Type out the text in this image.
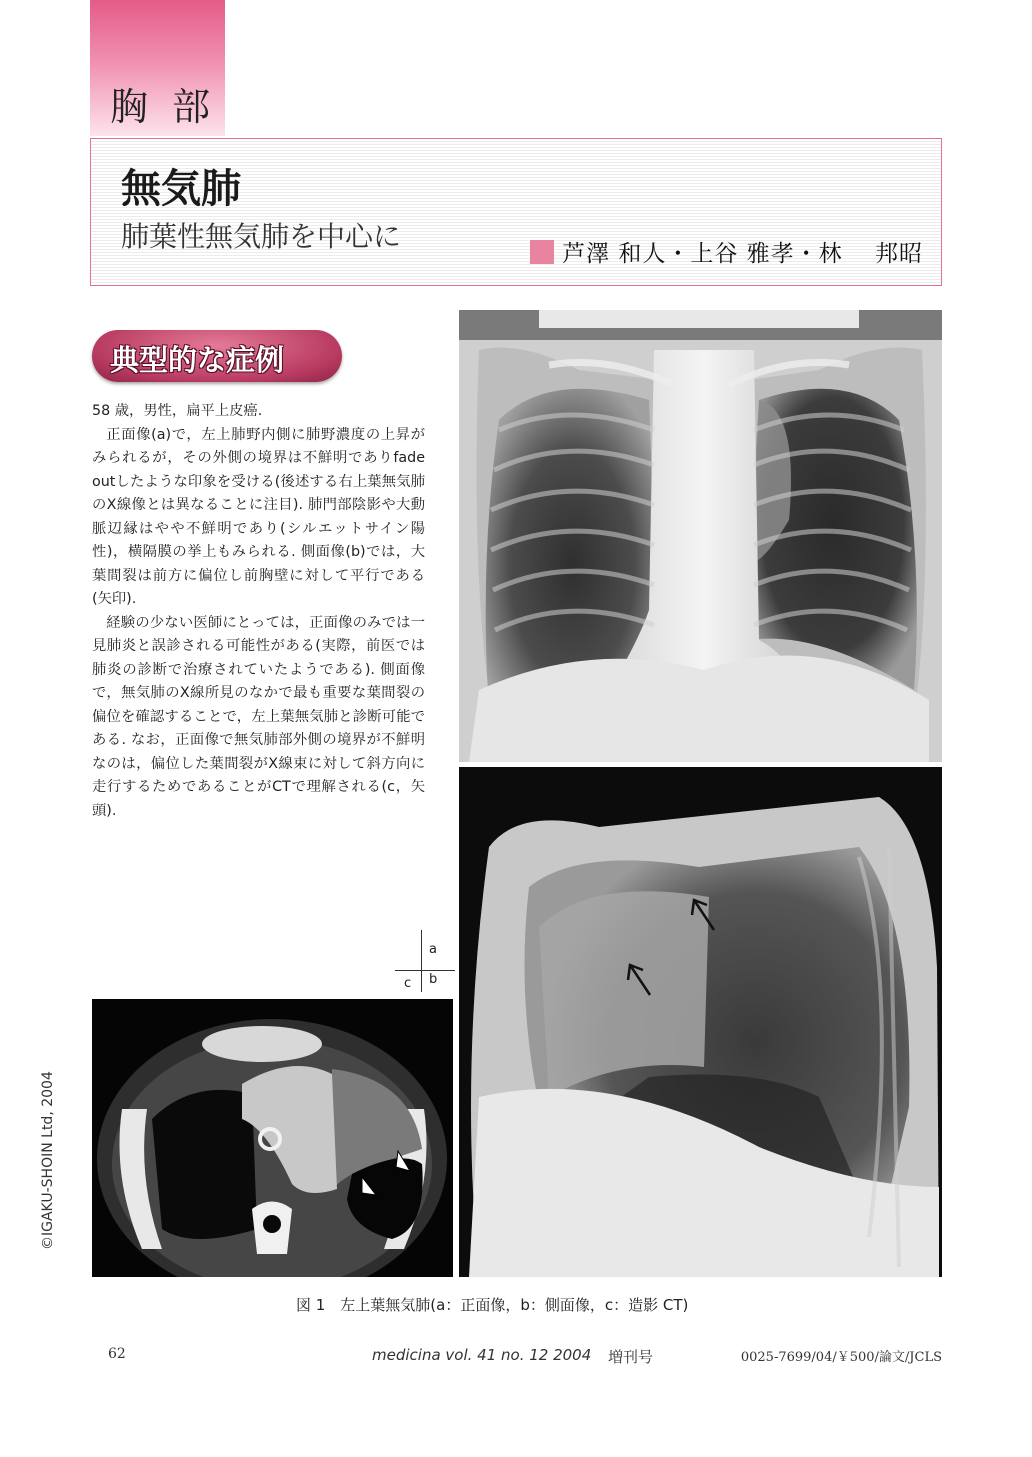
胸 部
無気肺
肺葉性無気肺を中心に
芦澤 和人・上谷 雅孝・林　 邦昭
典型的な症例

58 歳，男性，扁平上皮癌.

正面像(a)で，左上肺野内側に肺野濃度の上昇がみられるが，その外側の境界は不鮮明でありfade outしたような印象を受ける(後述する右上葉無気肺のX線像とは異なることに注目). 肺門部陰影や大動脈辺縁はやや不鮮明であり(シルエットサイン陽性)，横隔膜の挙上もみられる. 側面像(b)では，大葉間裂は前方に偏位し前胸壁に対して平行である(矢印).

経験の少ない医師にとっては，正面像のみでは一見肺炎と誤診される可能性がある(実際，前医では肺炎の診断で治療されていたようである). 側面像で，無気肺のX線所見のなかで最も重要な葉間裂の偏位を確認することで，左上葉無気肺と診断可能である. なお，正面像で無気肺部外側の境界が不鮮明なのは，偏位した葉間裂がX線束に対して斜方向に走行するためであることがCTで理解される(c，矢頭).

a
b
c
図 1　左上葉無気肺(a：正面像，b：側面像，c：造影 CT)
©IGAKU-SHOIN Ltd, 2004
62	medicina vol. 41 no. 12 2004 増刊号	0025-7699/04/￥500/論文/JCLS
